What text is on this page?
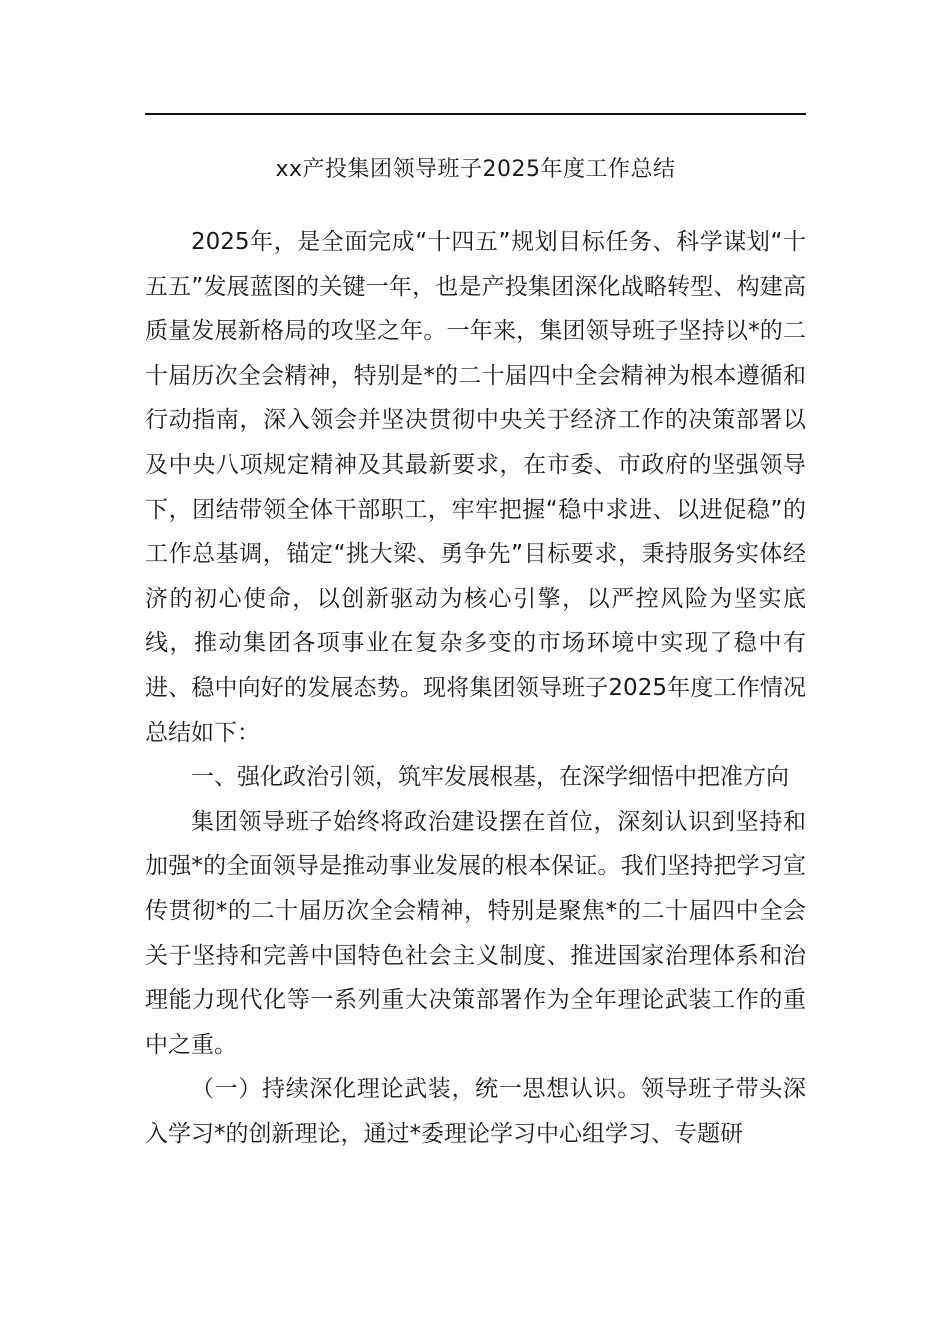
xx产投集团领导班子2025年度工作总结

2025年，是全面完成“十四五”规划目标任务、科学谋划“十五五”发展蓝图的关键一年，也是产投集团深化战略转型、构建高质量发展新格局的攻坚之年。一年来，集团领导班子坚持以*的二十届历次全会精神，特别是*的二十届四中全会精神为根本遵循和行动指南，深入领会并坚决贯彻中央关于经济工作的决策部署以及中央八项规定精神及其最新要求，在市委、市政府的坚强领导下，团结带领全体干部职工，牢牢把握“稳中求进、以进促稳”的工作总基调，锚定“挑大梁、勇争先”目标要求，秉持服务实体经济的初心使命，以创新驱动为核心引擎，以严控风险为坚实底线，推动集团各项事业在复杂多变的市场环境中实现了稳中有进、稳中向好的发展态势。现将集团领导班子2025年度工作情况总结如下：

一、强化政治引领，筑牢发展根基，在深学细悟中把准方向

集团领导班子始终将政治建设摆在首位，深刻认识到坚持和加强*的全面领导是推动事业发展的根本保证。我们坚持把学习宣传贯彻*的二十届历次全会精神，特别是聚焦*的二十届四中全会关于坚持和完善中国特色社会主义制度、推进国家治理体系和治理能力现代化等一系列重大决策部署作为全年理论武装工作的重中之重。

（一）持续深化理论武装，统一思想认识。领导班子带头深入学习*的创新理论，通过*委理论学习中心组学习、专题研
